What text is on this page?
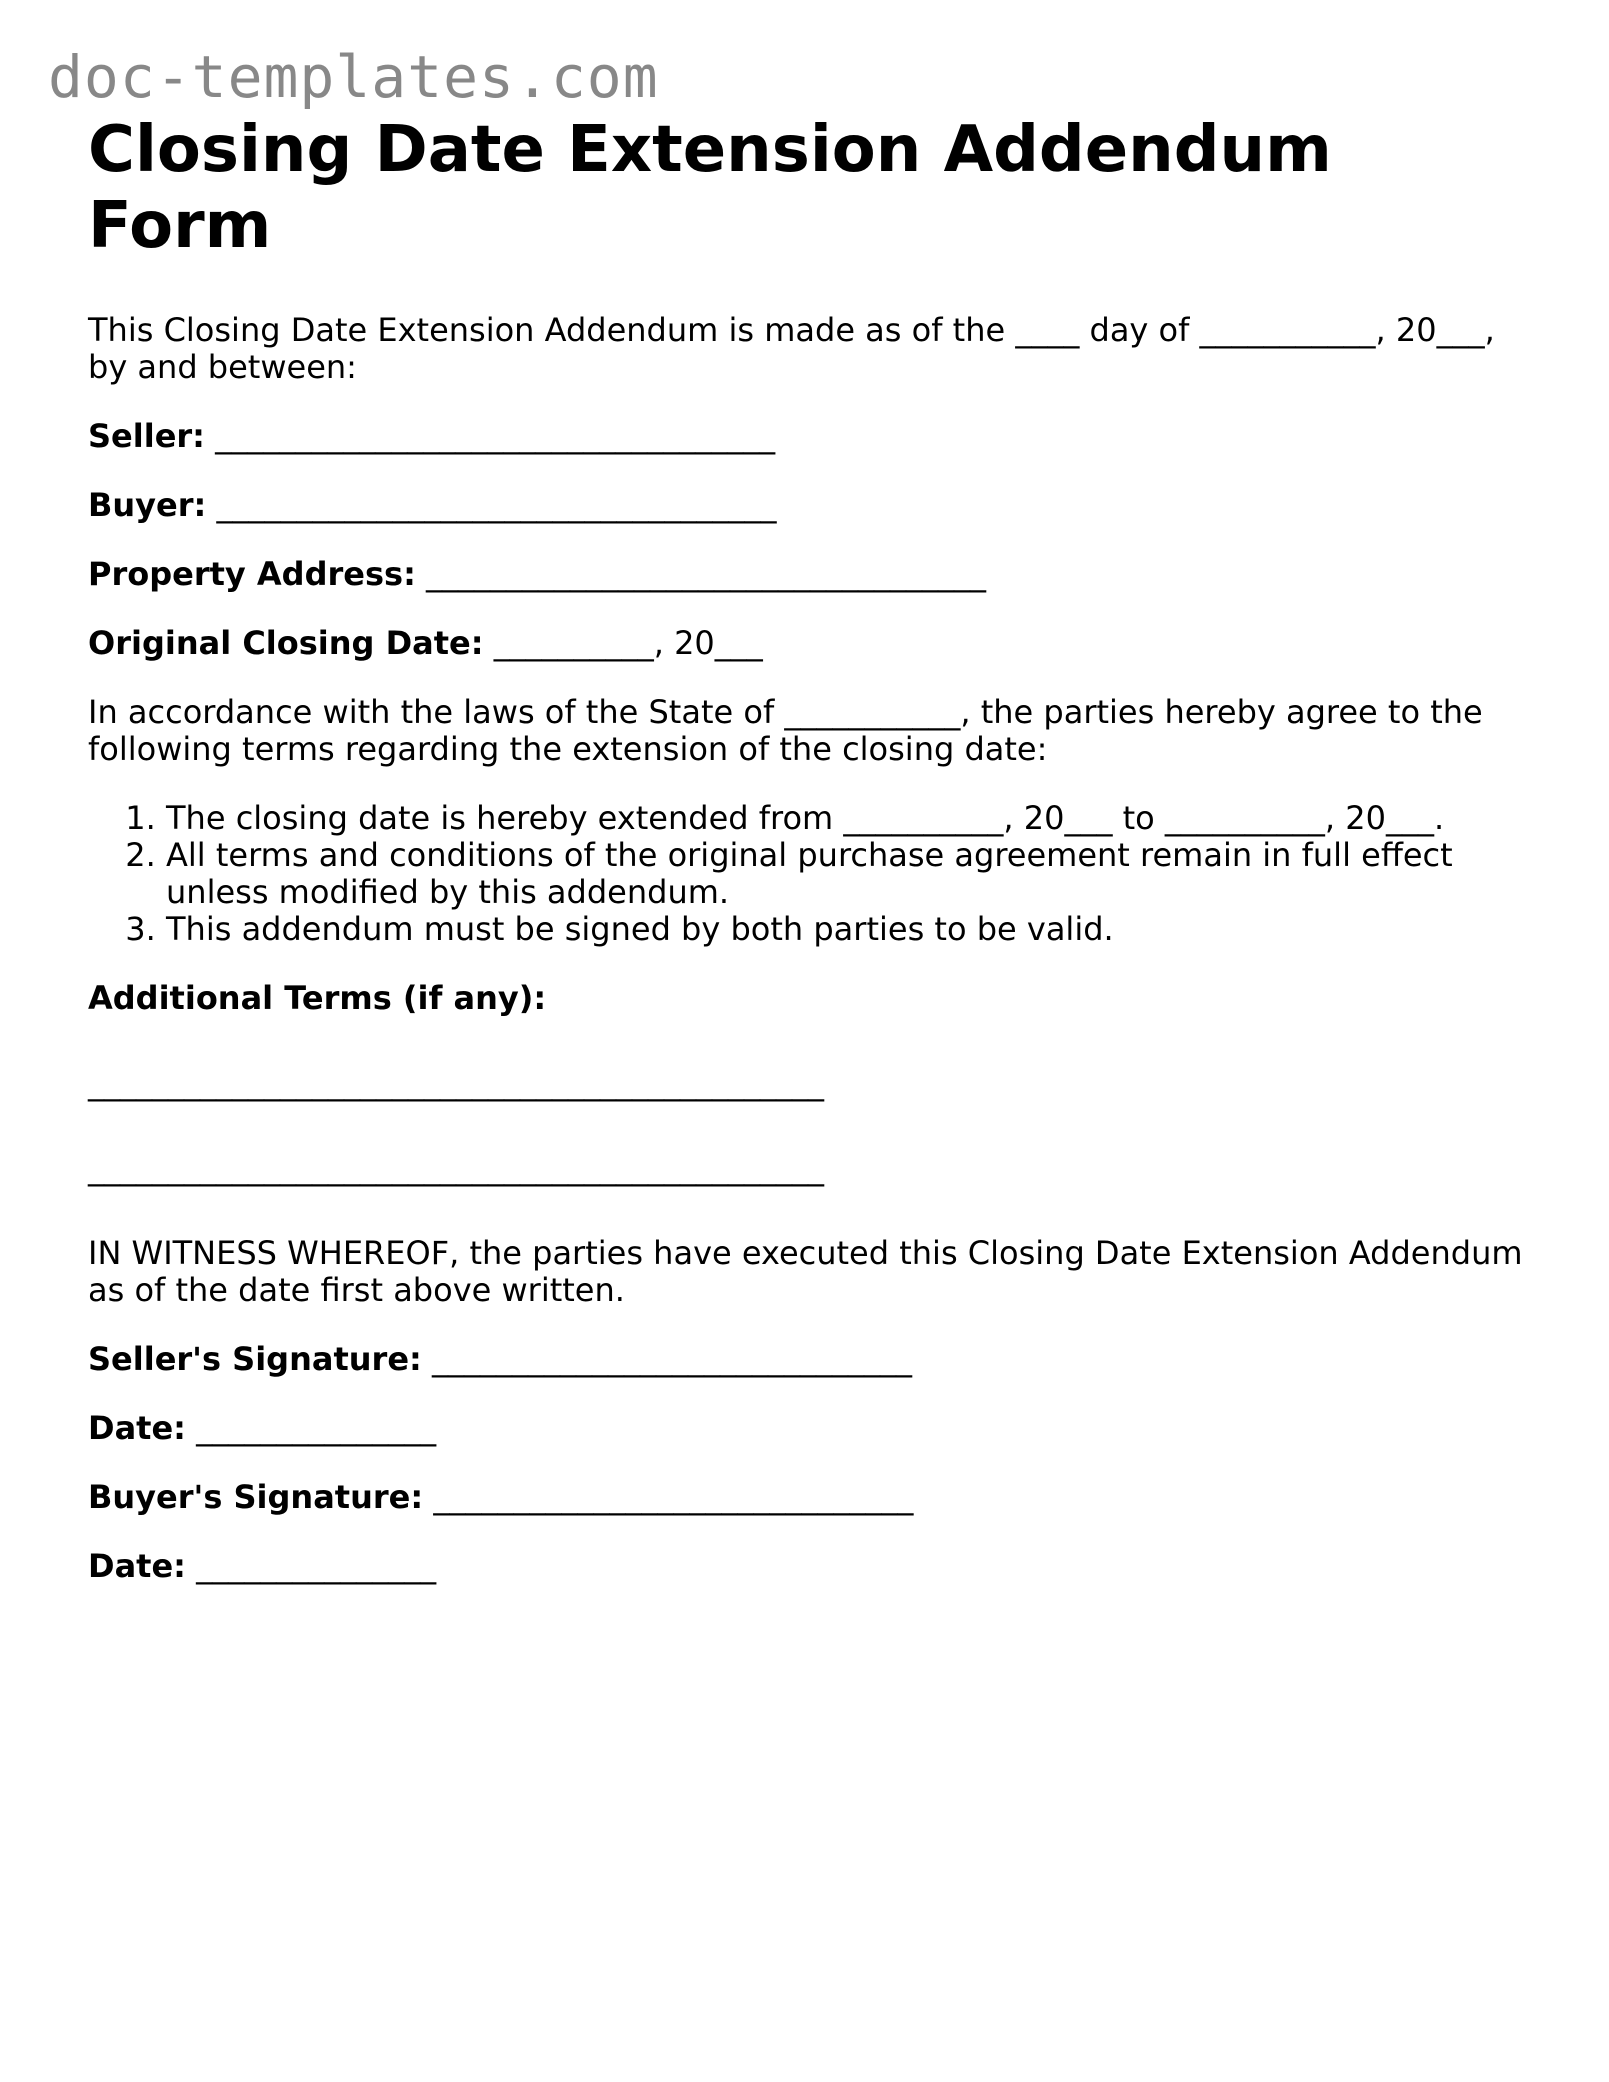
doc-templates.com
Closing Date Extension Addendum Form

This Closing Date Extension Addendum is made as of the ____ day of ___________, 20___, by and between:

Seller: ___________________________________

Buyer: ___________________________________

Property Address: ___________________________________

Original Closing Date: __________, 20___

In accordance with the laws of the State of ___________, the parties hereby agree to the following terms regarding the extension of the closing date:

1. The closing date is hereby extended from __________, 20___ to __________, 20___.
2. All terms and conditions of the original purchase agreement remain in full effect unless modified by this addendum.
3. This addendum must be signed by both parties to be valid.
Additional Terms (if any):
______________________________________________
______________________________________________

IN WITNESS WHEREOF, the parties have executed this Closing Date Extension Addendum as of the date first above written.

Seller's Signature: ______________________________

Date: _______________

Buyer's Signature: ______________________________

Date: _______________
